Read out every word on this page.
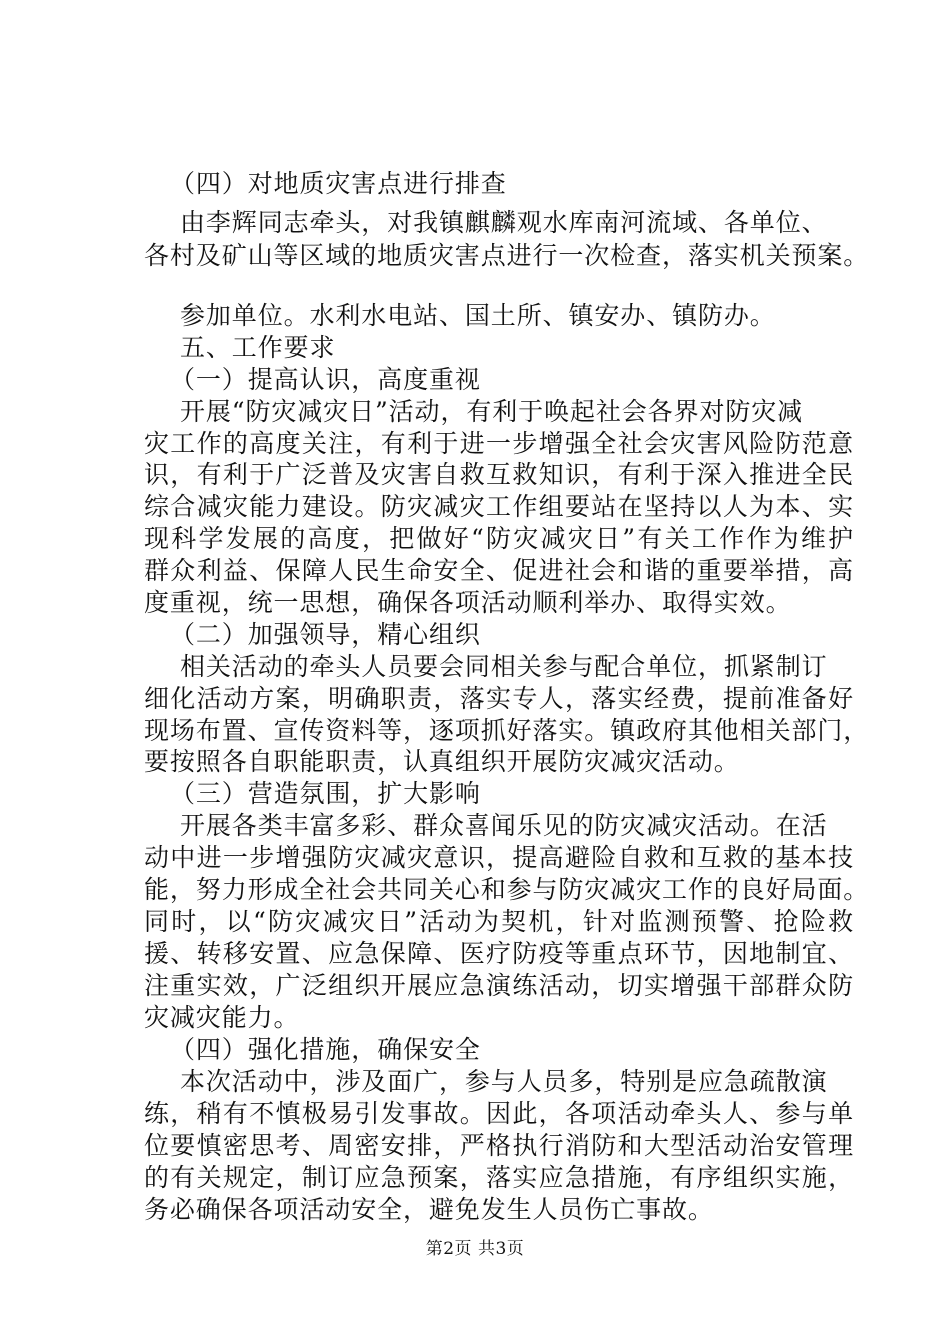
（四）对地质灾害点进行排查
由李辉同志牵头，对我镇麒麟观水库南河流域、各单位、
各村及矿山等区域的地质灾害点进行一次检查，落实机关预案。
参加单位。水利水电站、国土所、镇安办、镇防办。
五、工作要求
（一）提高认识，高度重视
开展“防灾减灾日”活动，有利于唤起社会各界对防灾减
灾工作的高度关注，有利于进一步增强全社会灾害风险防范意
识，有利于广泛普及灾害自救互救知识，有利于深入推进全民
综合减灾能力建设。防灾减灾工作组要站在坚持以人为本、实
现科学发展的高度，把做好“防灾减灾日”有关工作作为维护
群众利益、保障人民生命安全、促进社会和谐的重要举措，高
度重视，统一思想，确保各项活动顺利举办、取得实效。
（二）加强领导，精心组织
相关活动的牵头人员要会同相关参与配合单位，抓紧制订
细化活动方案，明确职责，落实专人，落实经费，提前准备好
现场布置、宣传资料等，逐项抓好落实。镇政府其他相关部门，
要按照各自职能职责，认真组织开展防灾减灾活动。
（三）营造氛围，扩大影响
开展各类丰富多彩、群众喜闻乐见的防灾减灾活动。在活
动中进一步增强防灾减灾意识，提高避险自救和互救的基本技
能，努力形成全社会共同关心和参与防灾减灾工作的良好局面。
同时，以“防灾减灾日”活动为契机，针对监测预警、抢险救
援、转移安置、应急保障、医疗防疫等重点环节，因地制宜、
注重实效，广泛组织开展应急演练活动，切实增强干部群众防
灾减灾能力。
（四）强化措施，确保安全
本次活动中，涉及面广，参与人员多，特别是应急疏散演
练，稍有不慎极易引发事故。因此，各项活动牵头人、参与单
位要慎密思考、周密安排，严格执行消防和大型活动治安管理
的有关规定，制订应急预案，落实应急措施，有序组织实施，
务必确保各项活动安全，避免发生人员伤亡事故。
第2页 共3页
